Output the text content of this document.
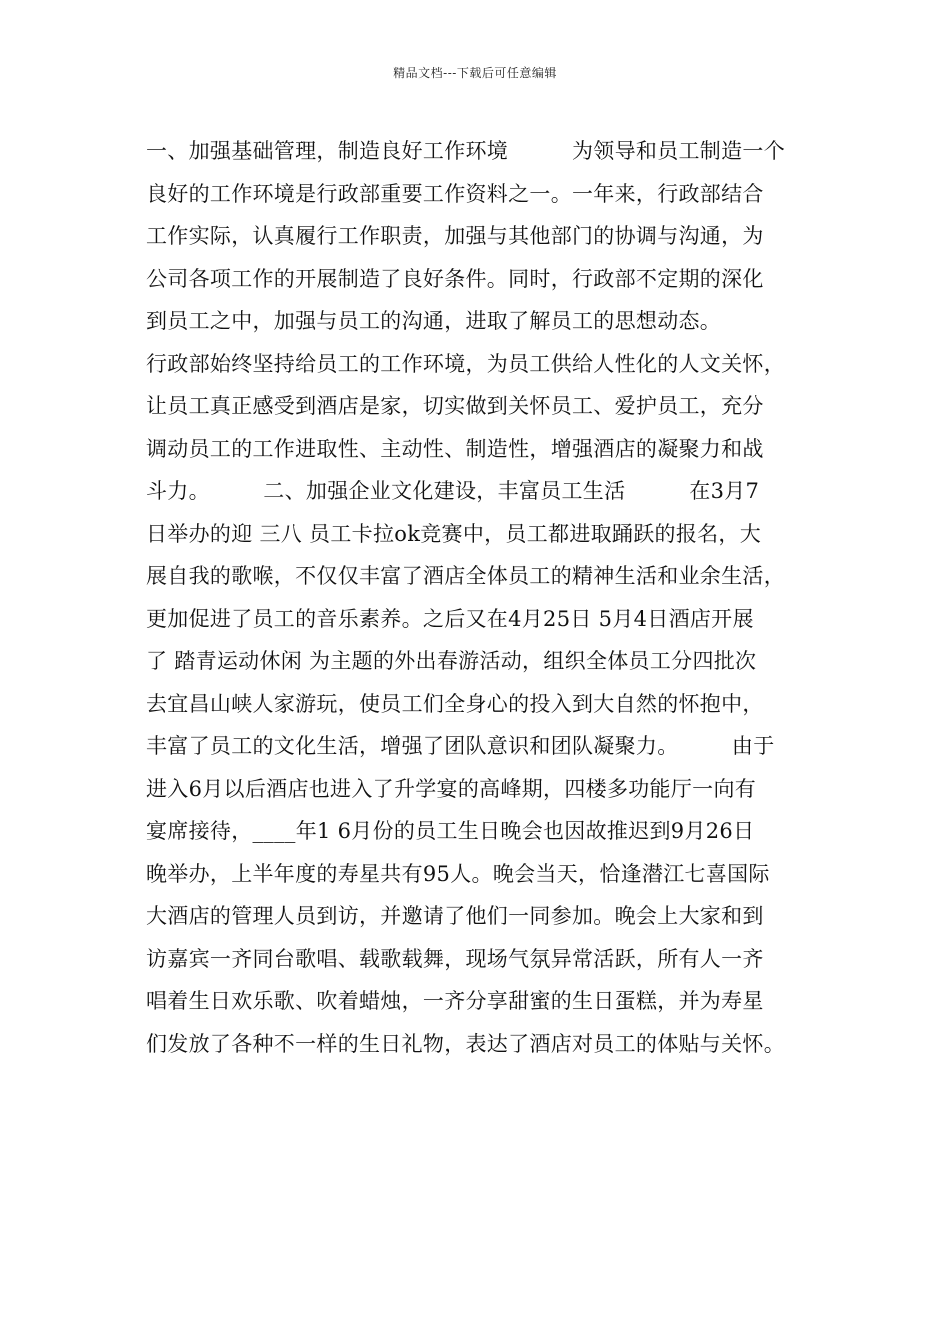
精品文档---下载后可任意编辑
一、加强基础管理，制造良好工作环境　　　为领导和员工制造一个
良好的工作环境是行政部重要工作资料之一。一年来，行政部结合
工作实际，认真履行工作职责，加强与其他部门的协调与沟通，为
公司各项工作的开展制造了良好条件。同时，行政部不定期的深化
到员工之中，加强与员工的沟通，进取了解员工的思想动态。
行政部始终坚持给员工的工作环境，为员工供给人性化的人文关怀，
让员工真正感受到酒店是家，切实做到关怀员工、爱护员工，充分
调动员工的工作进取性、主动性、制造性，增强酒店的凝聚力和战
斗力。　　　二、加强企业文化建设，丰富员工生活　　　在3月7
日举办的迎 三八 员工卡拉ok竞赛中，员工都进取踊跃的报名，大
展自我的歌喉，不仅仅丰富了酒店全体员工的精神生活和业余生活，
更加促进了员工的音乐素养。之后又在4月25日 5月4日酒店开展
了 踏青运动休闲 为主题的外出春游活动，组织全体员工分四批次
去宜昌山峡人家游玩，使员工们全身心的投入到大自然的怀抱中，
丰富了员工的文化生活，增强了团队意识和团队凝聚力。　　　由于
进入6月以后酒店也进入了升学宴的高峰期，四楼多功能厅一向有
宴席接待，____年1 6月份的员工生日晚会也因故推迟到9月26日
晚举办，上半年度的寿星共有95人。晚会当天，恰逢潜江七喜国际
大酒店的管理人员到访，并邀请了他们一同参加。晚会上大家和到
访嘉宾一齐同台歌唱、载歌载舞，现场气氛异常活跃，所有人一齐
唱着生日欢乐歌、吹着蜡烛，一齐分享甜蜜的生日蛋糕，并为寿星
们发放了各种不一样的生日礼物，表达了酒店对员工的体贴与关怀。
